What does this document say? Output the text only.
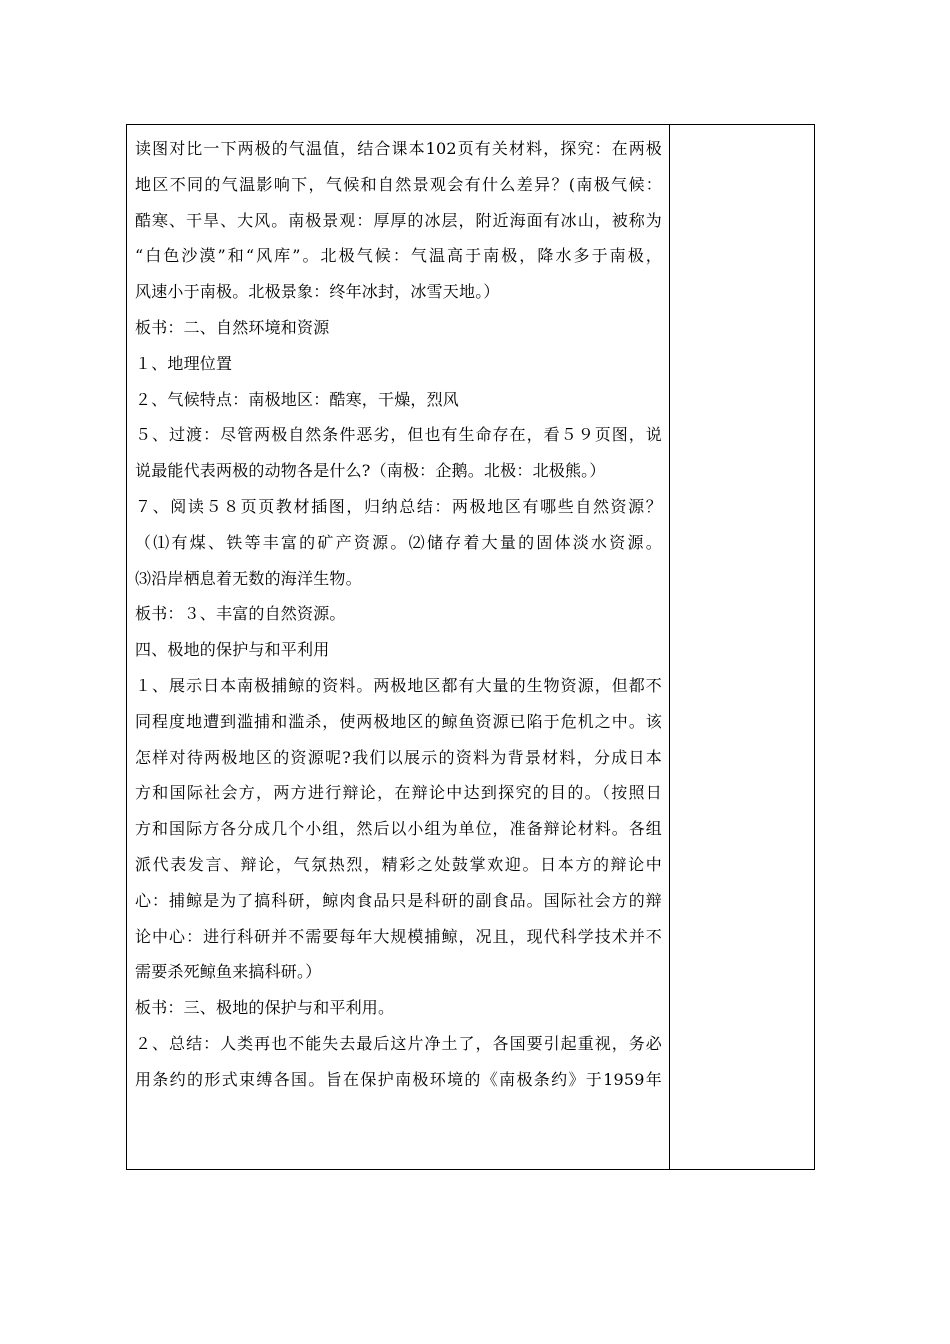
读图对比一下两极的气温值，结合课本102页有关材料，探究：在两极
地区不同的气温影响下，气候和自然景观会有什么差异？(南极气候：
酷寒、干旱、大风。南极景观：厚厚的冰层，附近海面有冰山，被称为
“白色沙漠”和“风库”。北极气候：气温高于南极，降水多于南极，
风速小于南极。北极景象：终年冰封，冰雪天地。）
板书：二、自然环境和资源
１、地理位置
２、气候特点：南极地区：酷寒，干燥，烈风
５、过渡：尽管两极自然条件恶劣，但也有生命存在，看５９页图，说
说最能代表两极的动物各是什么?（南极：企鹅。北极：北极熊。）
７、阅读５８页页教材插图，归纳总结：两极地区有哪些自然资源？
（⑴有煤、铁等丰富的矿产资源。⑵储存着大量的固体淡水资源。
⑶沿岸栖息着无数的海洋生物。
板书：３、丰富的自然资源。
四、极地的保护与和平利用
１、展示日本南极捕鲸的资料。两极地区都有大量的生物资源，但都不
同程度地遭到滥捕和滥杀，使两极地区的鲸鱼资源已陷于危机之中。该
怎样对待两极地区的资源呢?我们以展示的资料为背景材料，分成日本
方和国际社会方，两方进行辩论，在辩论中达到探究的目的。（按照日
方和国际方各分成几个小组，然后以小组为单位，准备辩论材料。各组
派代表发言、辩论，气氛热烈，精彩之处鼓掌欢迎。日本方的辩论中
心：捕鲸是为了搞科研，鲸肉食品只是科研的副食品。国际社会方的辩
论中心：进行科研并不需要每年大规模捕鲸，况且，现代科学技术并不
需要杀死鲸鱼来搞科研。）
板书：三、极地的保护与和平利用。
２、总结：人类再也不能失去最后这片净土了，各国要引起重视，务必
用条约的形式束缚各国。旨在保护南极环境的《南极条约》于1959年
